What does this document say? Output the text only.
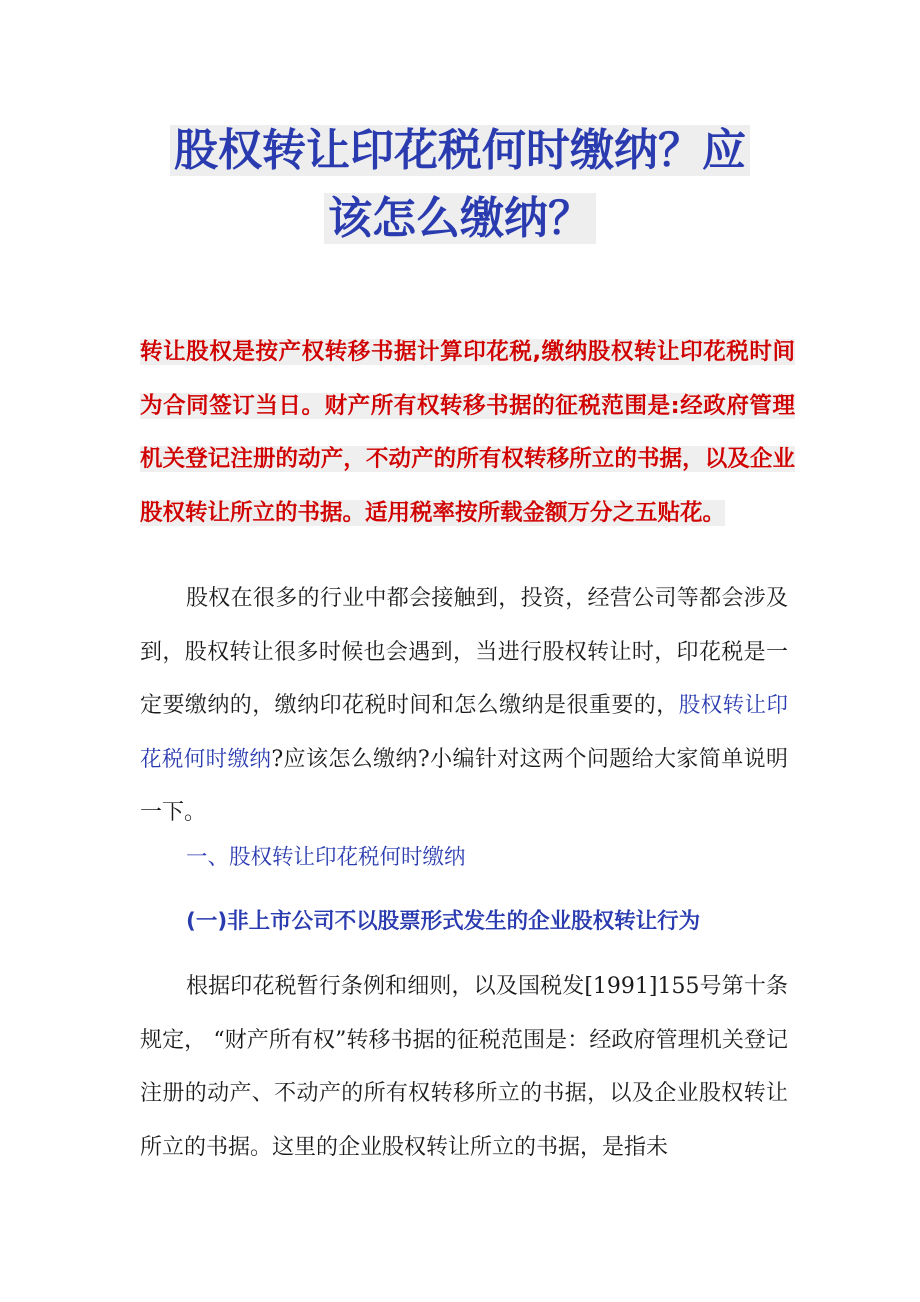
股权转让印花税何时缴纳？应
该怎么缴纳？
转让股权是按产权转移书据计算印花税,缴纳股权转让印花税时间为合同签订当日。财产所有权转移书据的征税范围是:经政府管理机关登记注册的动产，不动产的所有权转移所立的书据，以及企业股权转让所立的书据。适用税率按所载金额万分之五贴花。
股权在很多的行业中都会接触到，投资，经营公司等都会涉及到，股权转让很多时候也会遇到，当进行股权转让时，印花税是一定要缴纳的，缴纳印花税时间和怎么缴纳是很重要的，股权转让印花税何时缴纳?应该怎么缴纳?小编针对这两个问题给大家简单说明一下。
一、股权转让印花税何时缴纳
(一)非上市公司不以股票形式发生的企业股权转让行为
根据印花税暂行条例和细则，以及国税发[1991]155号第十条规定， “财产所有权”转移书据的征税范围是：经政府管理机关登记注册的动产、不动产的所有权转移所立的书据，以及企业股权转让所立的书据。这里的企业股权转让所立的书据，是指未
